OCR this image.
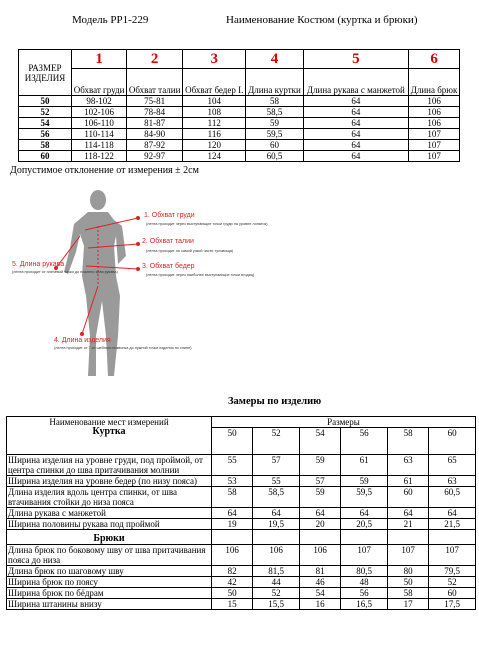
Модель РР1-229	Наименование Костюм (куртка и брюки)
РАЗМЕР ИЗДЕЛИЯ	1	2	3	4	5	6
	Обхват груди	Обхват талии	Обхват бедер I.	Длина куртки	Длина рукава с манжетой	Длина брюк
50	98-102	75-81	104	58	64	106
52	102-106	78-84	108	58,5	64	106
54	106-110	81-87	112	59	64	106
56	110-114	84-90	116	59,5	64	107
58	114-118	87-92	120	60	64	107
60	118-122	92-97	124	60,5	64	107
Допустимое отклонение от измерения ± 2см
1. Обхват груди
2. Обхват талии
3. Обхват бедер
4. Длина изделия
5. Длина рукава
(лента проходит через выступающие точки груди на уровне лопаток)
(лента проходит по самой узкой части туловища)
(лента проходит через наиболее выступающие точки ягодиц)
(лента проходит от 7-го шейного позвонка до нужной точки изделия по спине)
(лента проходит от плечевой точки до нижнего края рукава)
Замеры по изделию
Наименование мест измерений
Куртка	Размеры					
	50	52	54	56	58	60
Ширина изделия на уровне груди, под проймой, от центра спинки до шва притачивания молнии	55	57	59	61	63	65
Ширина изделия на уровне бедер (по низу пояса)	53	55	57	59	61	63
Длина изделия вдоль центра спинки, от шва втачивания стойки до низа пояса	58	58,5	59	59,5	60	60,5
Длина рукава с манжетой	64	64	64	64	64	64
Ширина половины рукава под проймой	19	19,5	20	20,5	21	21,5
Брюки						
Длина брюк по боковому шву от шва притачивания пояса до низа	106	106	106	107	107	107
Длина брюк по шаговому шву	82	81,5	81	80,5	80	79,5
Ширина брюк по поясу	42	44	46	48	50	52
Ширина брюк по бёдрам	50	52	54	56	58	60
Ширина штанины внизу	15	15,5	16	16,5	17	17,5
